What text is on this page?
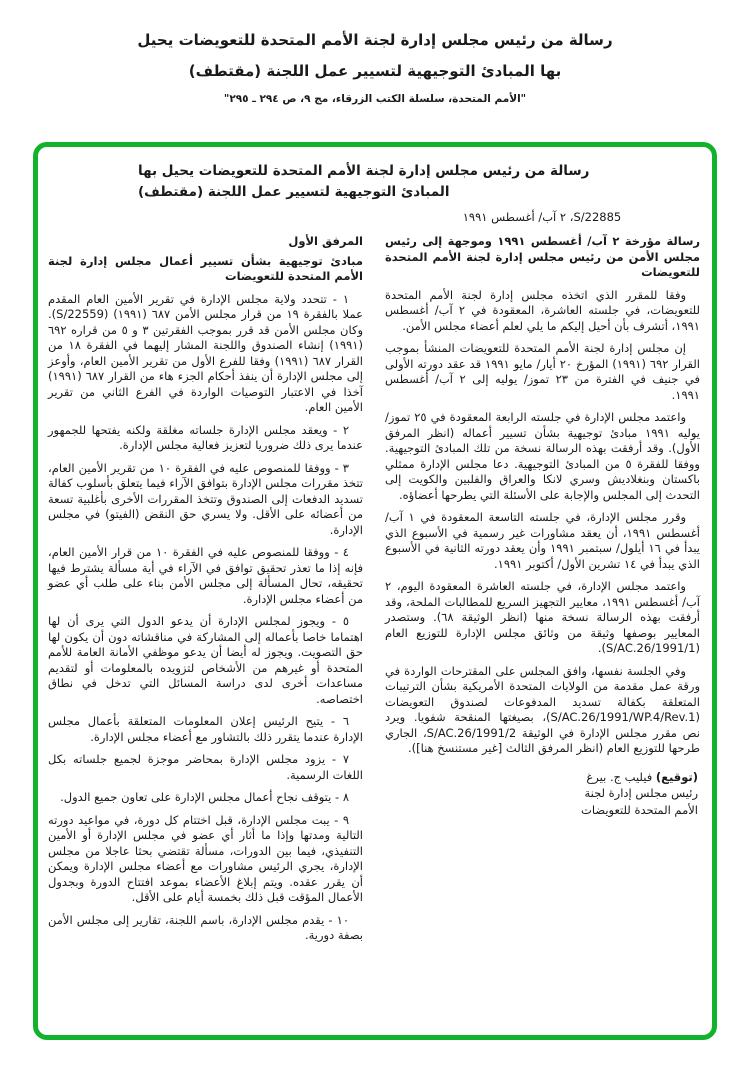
رسالة من رئيس مجلس إدارة لجنة الأمم المتحدة للتعويضات يحيل
بها المبادئ التوجيهية لتسيير عمل اللجنة (مقتطف)
"الأمم المتحدة، سلسلة الكتب الزرقاء، مج ٩، ص ٢٩٤ ـ ٢٩٥"
رسالة من رئيس مجلس إدارة لجنة الأمم المتحدة للتعويضات يحيل بها
المبادئ التوجيهية لتسيير عمل اللجنة (مقتطف)
S/22885، ٢ آب/ أغسطس ١٩٩١

رسالة مؤرخة ٢ آب/ أغسطس ١٩٩١ وموجهة إلى رئيس مجلس الأمن من رئيس مجلس إدارة لجنة الأمم المتحدة للتعويضات

وفقا للمقرر الذي اتخذه مجلس إدارة لجنة الأمم المتحدة للتعويضات، في جلسته العاشرة، المعقودة في ٢ آب/ أغسطس ١٩٩١، أتشرف بأن أحيل إليكم ما يلي لعلم أعضاء مجلس الأمن.

إن مجلس إدارة لجنة الأمم المتحدة للتعويضات المنشأ بموجب القرار ٦٩٢ (١٩٩١) المؤرخ ٢٠ أيار/ مايو ١٩٩١ قد عقد دورته الأولى في جنيف في الفترة من ٢٣ تموز/ يوليه إلى ٢ آب/ أغسطس ١٩٩١.

واعتمد مجلس الإدارة في جلسته الرابعة المعقودة في ٢٥ تموز/ يوليه ١٩٩١ مبادئ توجيهية بشأن تسيير أعماله (انظر المرفق الأول). وقد أرفقت بهذه الرسالة نسخة من تلك المبادئ التوجيهية. ووفقا للفقرة ٥ من المبادئ التوجيهية. دعا مجلس الإدارة ممثلي باكستان وبنغلاديش وسري لانكا والعراق والفلبين والكويت إلى التحدث إلى المجلس والإجابة على الأسئلة التي يطرحها أعضاؤه.

وقرر مجلس الإدارة، في جلسته التاسعة المعقودة في ١ آب/ أغسطس ١٩٩١، أن يعقد مشاورات غير رسمية في الأسبوع الذي يبدأ في ١٦ أيلول/ سبتمبر ١٩٩١ وأن يعقد دورته الثانية في الأسبوع الذي يبدأ في ١٤ تشرين الأول/ أكتوبر ١٩٩١.

واعتمد مجلس الإدارة، في جلسته العاشرة المعقودة اليوم، ٢ آب/ أغسطس ١٩٩١، معايير التجهيز السريع للمطالبات الملحة، وقد أرفقت بهذه الرسالة نسخة منها (انظر الوثيقة ٦٨). وستصدر المعايير بوصفها وثيقة من وثائق مجلس الإدارة للتوزيع العام (S/AC.26/1991/1).

وفي الجلسة نفسها، وافق المجلس على المقترحات الواردة في ورقة عمل مقدمة من الولايات المتحدة الأمريكية بشأن الترتيبات المتعلقة بكفالة تسديد المدفوعات لصندوق التعويضات (S/AC.26/1991/WP.4/Rev.1)، بصيغتها المنقحة شفويا. ويرد نص مقرر مجلس الإدارة في الوثيقة S/AC.26/1991/2، الجاري طرحها للتوزيع العام (انظر المرفق الثالث [غير مستنسخ هنا]).

(توقيع) فيليب ج. بيرغ
رئيس مجلس إدارة لجنة
الأمم المتحدة للتعويضات
المرفق الأول
مبادئ توجيهية بشأن تسيير أعمال مجلس إدارة لجنة الأمم المتحدة للتعويضات

١ - تتحدد ولاية مجلس الإدارة في تقرير الأمين العام المقدم عملا بالفقرة ١٩ من قرار مجلس الأمن ٦٨٧ (١٩٩١) (S/22559). وكان مجلس الأمن قد قرر بموجب الفقرتين ٣ و ٥ من قراره ٦٩٢ (١٩٩١) إنشاء الصندوق واللجنة المشار إليهما في الفقرة ١٨ من القرار ٦٨٧ (١٩٩١) وفقا للفرع الأول من تقرير الأمين العام، وأوعز إلى مجلس الإدارة أن ينفذ أحكام الجزء هاء من القرار ٦٨٧ (١٩٩١) آخذا في الاعتبار التوصيات الواردة في الفرع الثاني من تقرير الأمين العام.

٢ - ويعقد مجلس الإدارة جلساته مغلقة ولكنه يفتحها للجمهور عندما يرى ذلك ضروريا لتعزيز فعالية مجلس الإدارة.

٣ - ووفقا للمنصوص عليه في الفقرة ١٠ من تقرير الأمين العام، تتخذ مقررات مجلس الإدارة بتوافق الآراء فيما يتعلق بأسلوب كفالة تسديد الدفعات إلى الصندوق وتتخذ المقررات الأخرى بأغلبية تسعة من أعضائه على الأقل. ولا يسري حق النقض (الفيتو) في مجلس الإدارة.

٤ - ووفقا للمنصوص عليه في الفقرة ١٠ من قرار الأمين العام، فإنه إذا ما تعذر تحقيق توافق في الآراء في أية مسألة يشترط فيها تحقيقه، تحال المسألة إلى مجلس الأمن بناء على طلب أي عضو من أعضاء مجلس الإدارة.

٥ - ويجوز لمجلس الإدارة أن يدعو الدول التي يرى أن لها اهتماما خاصا بأعماله إلى المشاركة في مناقشاته دون أن يكون لها حق التصويت. ويجوز له أيضا أن يدعو موظفي الأمانة العامة للأمم المتحدة أو غيرهم من الأشخاص لتزويده بالمعلومات أو لتقديم مساعدات أخرى لدى دراسة المسائل التي تدخل في نطاق اختصاصه.

٦ - يتيح الرئيس إعلان المعلومات المتعلقة بأعمال مجلس الإدارة عندما يتقرر ذلك بالتشاور مع أعضاء مجلس الإدارة.

٧ - يزود مجلس الإدارة بمحاضر موجزة لجميع جلساته بكل اللغات الرسمية.

٨ - يتوقف نجاح أعمال مجلس الإدارة على تعاون جميع الدول.

٩ - يبت مجلس الإدارة، قبل اختتام كل دورة، في مواعيد دورته التالية ومدتها وإذا ما أثار أي عضو في مجلس الإدارة أو الأمين التنفيذي، فيما بين الدورات، مسألة تقتضي بحثا عاجلا من مجلس الإدارة، يجري الرئيس مشاورات مع أعضاء مجلس الإدارة ويمكن أن يقرر عقده. ويتم إبلاغ الأعضاء بموعد افتتاح الدورة وبجدول الأعمال المؤقت قبل ذلك بخمسة أيام على الأقل.

١٠ - يقدم مجلس الإدارة، باسم اللجنة، تقارير إلى مجلس الأمن بصفة دورية.
